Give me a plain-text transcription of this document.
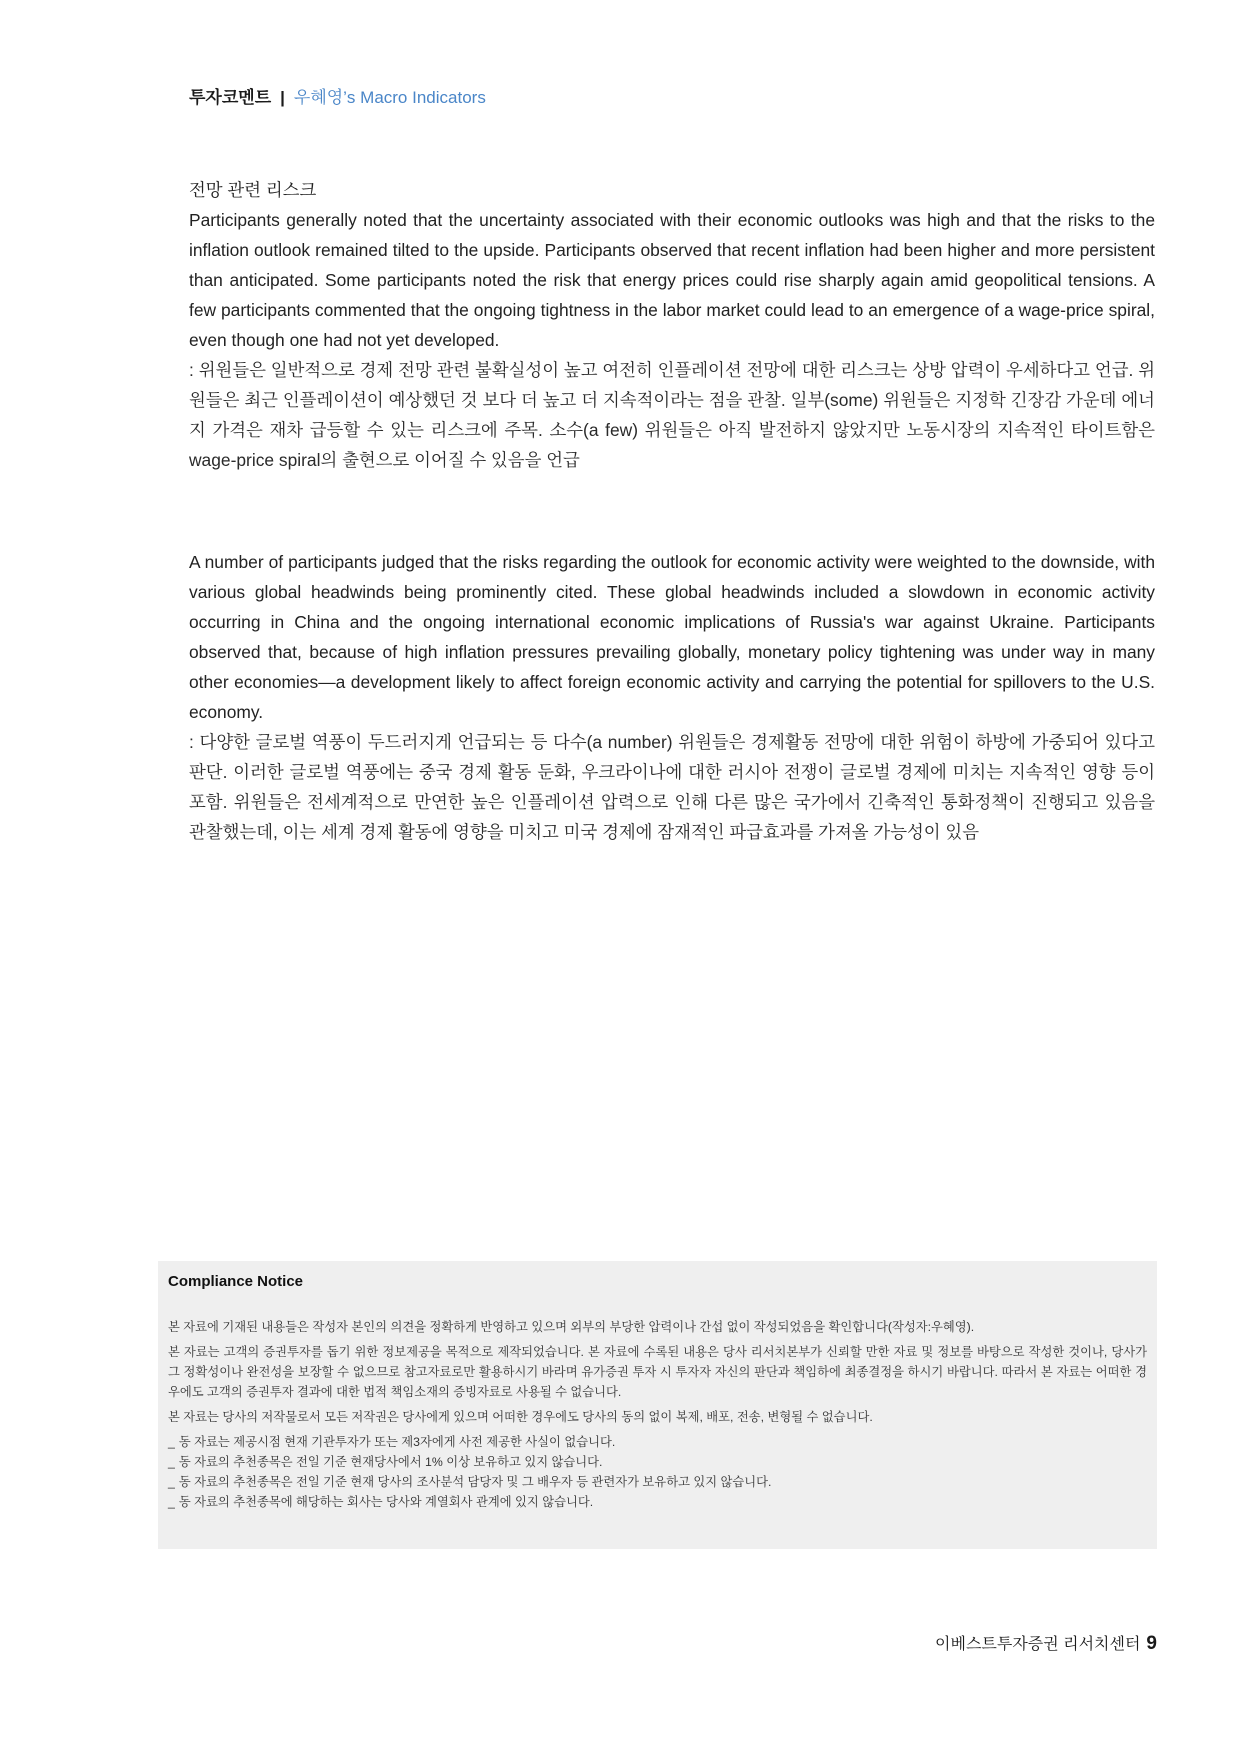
투자코멘트 | 우혜영’s Macro Indicators

전망 관련 리스크

Participants generally noted that the uncertainty associated with their economic outlooks was high and that the risks to the inflation outlook remained tilted to the upside. Participants observed that recent inflation had been higher and more persistent than anticipated. Some participants noted the risk that energy prices could rise sharply again amid geopolitical tensions. A few participants commented that the ongoing tightness in the labor market could lead to an emergence of a wage-price spiral, even though one had not yet developed.

: 위원들은 일반적으로 경제 전망 관련 불확실성이 높고 여전히 인플레이션 전망에 대한 리스크는 상방 압력이 우세하다고 언급. 위원들은 최근 인플레이션이 예상했던 것 보다 더 높고 더 지속적이라는 점을 관찰. 일부(some) 위원들은 지정학 긴장감 가운데 에너지 가격은 재차 급등할 수 있는 리스크에 주목. 소수(a few) 위원들은 아직 발전하지 않았지만 노동시장의 지속적인 타이트함은 wage-price spiral의 출현으로 이어질 수 있음을 언급

A number of participants judged that the risks regarding the outlook for economic activity were weighted to the downside, with various global headwinds being prominently cited. These global headwinds included a slowdown in economic activity occurring in China and the ongoing international economic implications of Russia's war against Ukraine. Participants observed that, because of high inflation pressures prevailing globally, monetary policy tightening was under way in many other economies—a development likely to affect foreign economic activity and carrying the potential for spillovers to the U.S. economy.

: 다양한 글로벌 역풍이 두드러지게 언급되는 등 다수(a number) 위원들은 경제활동 전망에 대한 위험이 하방에 가중되어 있다고 판단. 이러한 글로벌 역풍에는 중국 경제 활동 둔화, 우크라이나에 대한 러시아 전쟁이 글로벌 경제에 미치는 지속적인 영향 등이 포함. 위원들은 전세계적으로 만연한 높은 인플레이션 압력으로 인해 다른 많은 국가에서 긴축적인 통화정책이 진행되고 있음을 관찰했는데, 이는 세계 경제 활동에 영향을 미치고 미국 경제에 잠재적인 파급효과를 가져올 가능성이 있음

Compliance Notice

본 자료에 기재된 내용들은 작성자 본인의 의견을 정확하게 반영하고 있으며 외부의 부당한 압력이나 간섭 없이 작성되었음을 확인합니다(작성자:우혜영).

본 자료는 고객의 증권투자를 돕기 위한 정보제공을 목적으로 제작되었습니다. 본 자료에 수록된 내용은 당사 리서치본부가 신뢰할 만한 자료 및 정보를 바탕으로 작성한 것이나, 당사가 그 정확성이나 완전성을 보장할 수 없으므로 참고자료로만 활용하시기 바라며 유가증권 투자 시 투자자 자신의 판단과 책임하에 최종결정을 하시기 바랍니다. 따라서 본 자료는 어떠한 경우에도 고객의 증권투자 결과에 대한 법적 책임소재의 증빙자료로 사용될 수 없습니다.

본 자료는 당사의 저작물로서 모든 저작권은 당사에게 있으며 어떠한 경우에도 당사의 동의 없이 복제, 배포, 전송, 변형될 수 없습니다.

_ 동 자료는 제공시점 현재 기관투자가 또는 제3자에게 사전 제공한 사실이 없습니다.
_ 동 자료의 추천종목은 전일 기준 현재당사에서 1% 이상 보유하고 있지 않습니다.
_ 동 자료의 추천종목은 전일 기준 현재 당사의 조사분석 담당자 및 그 배우자 등 관련자가 보유하고 있지 않습니다.
_ 동 자료의 추천종목에 해당하는 회사는 당사와 계열회사 관계에 있지 않습니다.
이베스트투자증권 리서치센터 9
